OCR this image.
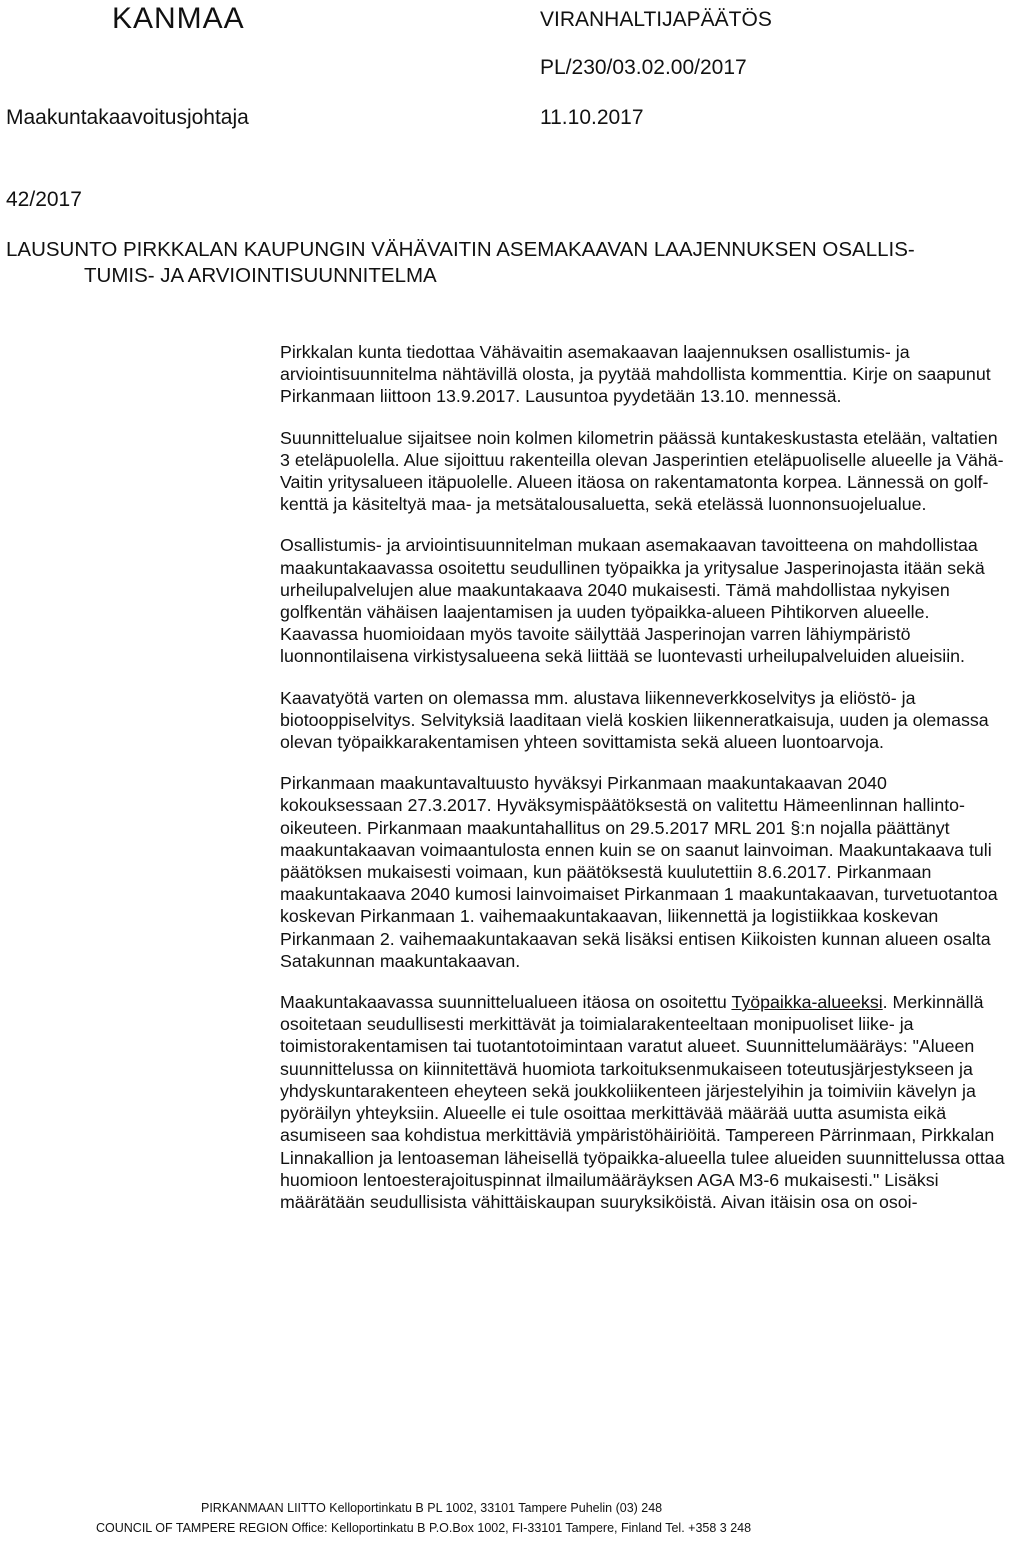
KANMAA	VIRANHALTIJAPÄÄTÖS
PL/230/03.02.00/2017
Maakuntakaavoitusjohtaja	11.10.2017
42/2017
LAUSUNTO PIRKKALAN KAUPUNGIN VÄHÄVAITIN ASEMAKAAVAN LAAJENNUKSEN OSALLIS-
TUMIS- JA ARVIOINTISUUNNITELMA

Pirkkalan kunta tiedottaa Vähävaitin asemakaavan laajennuksen osallistumis- ja arviointisuunnitelma nähtävillä olosta, ja pyytää mahdollista kommenttia. Kirje on saapunut Pirkanmaan liittoon 13.9.2017. Lausuntoa pyydetään 13.10. mennessä.

Suunnittelualue sijaitsee noin kolmen kilometrin päässä kuntakeskustasta etelään, valtatien 3 eteläpuolella. Alue sijoittuu rakenteilla olevan Jasperintien eteläpuoliselle alueelle ja Vähä-Vaitin yritysalueen itäpuolelle. Alueen itäosa on rakentamatonta korpea. Lännessä on golf-kenttä ja käsiteltyä maa- ja metsätalousaluetta, sekä etelässä luonnonsuojelualue.

Osallistumis- ja arviointisuunnitelman mukaan asemakaavan tavoitteena on mahdollistaa maakuntakaavassa osoitettu seudullinen työpaikka ja yritysalue Jasperinojasta itään sekä urheilupalvelujen alue maakuntakaava 2040 mukaisesti. Tämä mahdollistaa nykyisen golfkentän vähäisen laajentamisen ja uuden työpaikka-alueen Pihtikorven alueelle. Kaavassa huomioidaan myös tavoite säilyttää Jasperinojan varren lähiympäristö luonnontilaisena virkistysalueena sekä liittää se luontevasti urheilupalveluiden alueisiin.

Kaavatyötä varten on olemassa mm. alustava liikenneverkkoselvitys ja eliöstö- ja biotooppiselvitys. Selvityksiä laaditaan vielä koskien liikenneratkaisuja, uuden ja olemassa olevan työpaikkarakentamisen yhteen sovittamista sekä alueen luontoarvoja.

Pirkanmaan maakuntavaltuusto hyväksyi Pirkanmaan maakuntakaavan 2040 kokouksessaan 27.3.2017. Hyväksymispäätöksestä on valitettu Hämeenlinnan hallinto-oikeuteen. Pirkanmaan maakuntahallitus on 29.5.2017 MRL 201 §:n nojalla päättänyt maakuntakaavan voimaantulosta ennen kuin se on saanut lainvoiman. Maakuntakaava tuli päätöksen mukaisesti voimaan, kun päätöksestä kuulutettiin 8.6.2017. Pirkanmaan maakuntakaava 2040 kumosi lainvoimaiset Pirkanmaan 1 maakuntakaavan, turvetuotantoa koskevan Pirkanmaan 1. vaihemaakuntakaavan, liikennettä ja logistiikkaa koskevan Pirkanmaan 2. vaihemaakuntakaavan sekä lisäksi entisen Kiikoisten kunnan alueen osalta Satakunnan maakuntakaavan.

Maakuntakaavassa suunnittelualueen itäosa on osoitettu Työpaikka-alueeksi. Merkinnällä osoitetaan seudullisesti merkittävät ja toimialarakenteeltaan monipuoliset liike- ja toimistorakentamisen tai tuotantotoimintaan varatut alueet. Suunnittelumääräys: "Alueen suunnittelussa on kiinnitettävä huomiota tarkoituksenmukaiseen toteutusjärjestykseen ja yhdyskuntarakenteen eheyteen sekä joukkoliikenteen järjestelyihin ja toimiviin kävelyn ja pyöräilyn yhteyksiin. Alueelle ei tule osoittaa merkittävää määrää uutta asumista eikä asumiseen saa kohdistua merkittäviä ympäristöhäiriöitä. Tampereen Pärrinmaan, Pirkkalan Linnakallion ja lentoaseman läheisellä työpaikka-alueella tulee alueiden suunnittelussa ottaa huomioon lentoesterajoituspinnat ilmailumääräyksen AGA M3-6 mukaisesti." Lisäksi määrätään seudullisista vähittäiskaupan suuryksiköistä. Aivan itäisin osa on osoi-

PIRKANMAAN LIITTO Kelloportinkatu B PL 1002, 33101 Tampere Puhelin (03) 248
COUNCIL OF TAMPERE REGION Office: Kelloportinkatu B P.O.Box 1002, FI-33101 Tampere, Finland Tel. +358 3 248
